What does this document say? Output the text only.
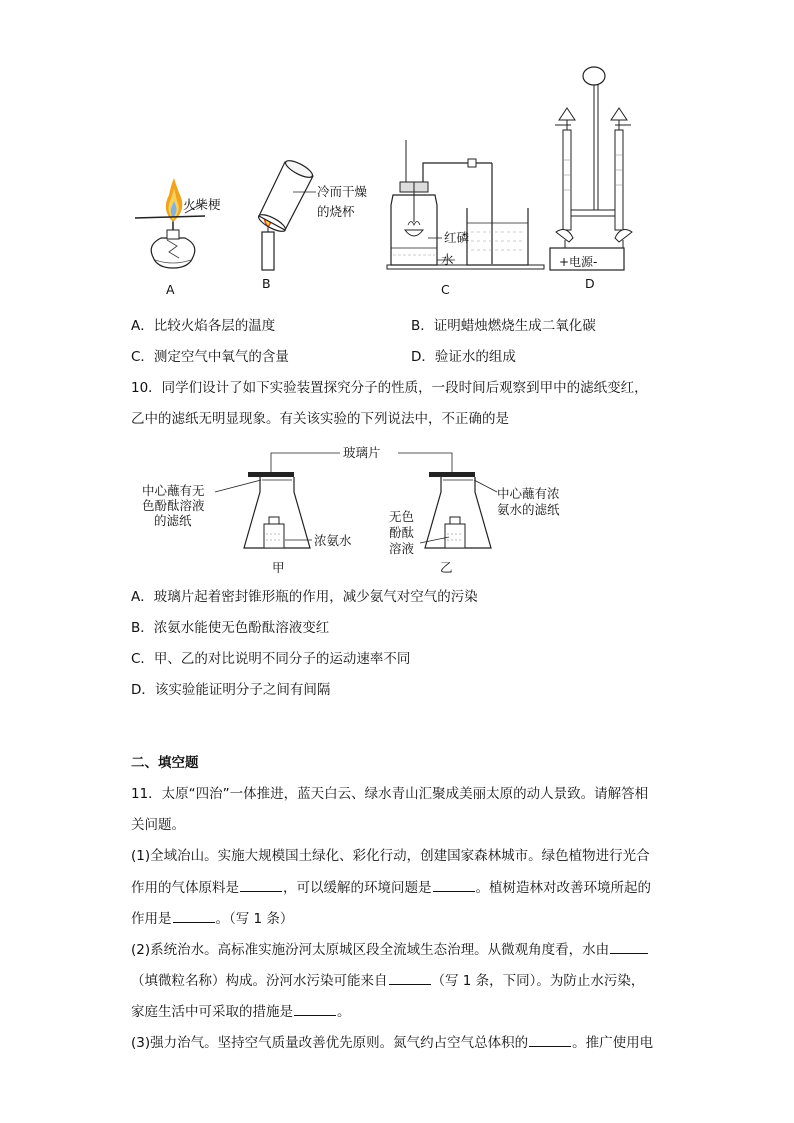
火柴梗
冷而干燥
的烧杯
红磷
水	+电源-
A	B	C	D
A．比较火焰各层的温度	B．证明蜡烛燃烧生成二氧化碳
C．测定空气中氧气的含量	D．验证水的组成
10．同学们设计了如下实验装置探究分子的性质，一段时间后观察到甲中的滤纸变红，
乙中的滤纸无明显现象。有关该实验的下列说法中，不正确的是
玻璃片
中心蘸有无
色酚酞溶液
的滤纸
浓氨水
甲
无色
酚酞
溶液
乙
中心蘸有浓
氨水的滤纸
A．玻璃片起着密封锥形瓶的作用，减少氨气对空气的污染
B．浓氨水能使无色酚酞溶液变红
C．甲、乙的对比说明不同分子的运动速率不同
D．该实验能证明分子之间有间隔
二、填空题
11．太原“四治”一体推进，蓝天白云、绿水青山汇聚成美丽太原的动人景致。请解答相
关问题。
(1)全域冶山。实施大规模国土绿化、彩化行动，创建国家森林城市。绿色植物进行光合
作用的气体原料是	，可以缓解的环境问题是	。植树造林对改善环境所起的
作用是	。（写 1 条）
(2)系统治水。高标准实施汾河太原城区段全流域生态治理。从微观角度看，水由
（填微粒名称）构成。汾河水污染可能来自	（写 1 条，下同）。为防止水污染，
家庭生活中可采取的措施是	。
(3)强力治气。坚持空气质量改善优先原则。氮气约占空气总体积的	。推广使用电
